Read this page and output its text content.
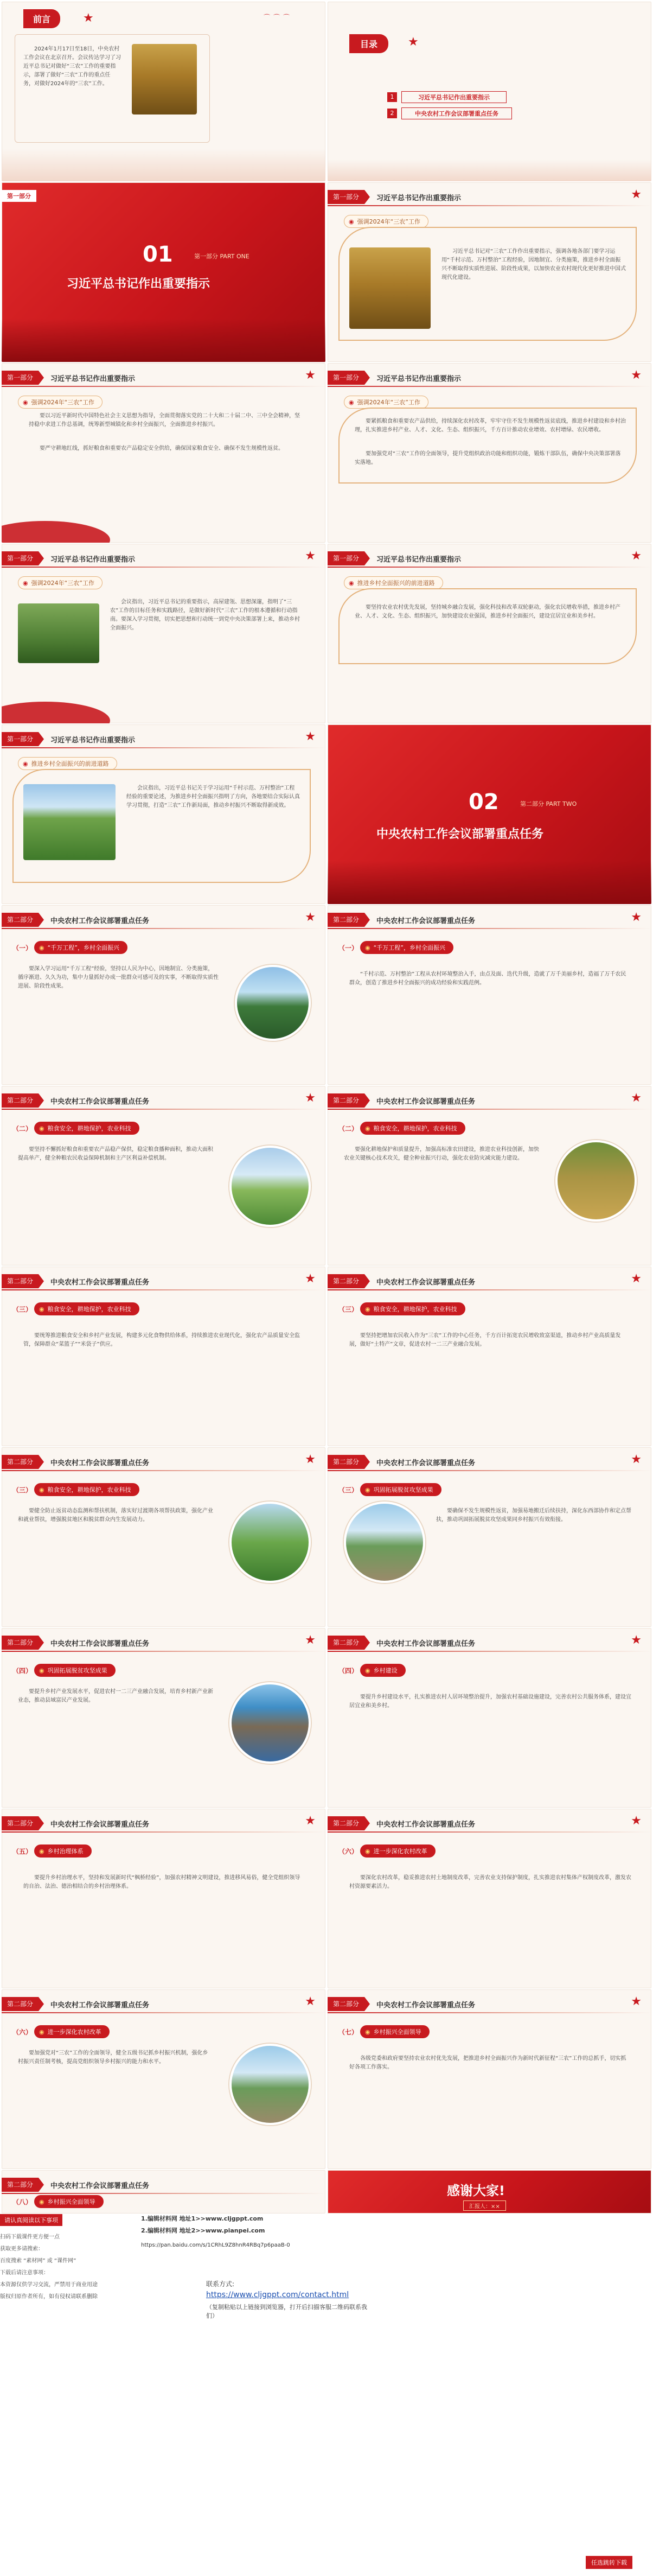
前言	★	⌒⌒⌒
2024年1月17日至18日，中央农村工作会议在北京召开。会议传达学习了习近平总书记对做好“三农”工作的重要指示，部署了做好“三农”工作的重点任务，对做好2024年的“三农”工作。
目录	★
1	习近平总书记作出重要指示
2	中央农村工作会议部署重点任务
第一部分
01	第一部分 PART ONE
习近平总书记作出重要指示
第一部分	习近平总书记作出重要指示	★
◉ 强调2024年“三农”工作
习近平总书记对“三农”工作作出重要指示，强调各地各部门要学习运用“千村示范、万村整治”工程经验，因地制宜、分类施策，推进乡村全面振兴不断取得实质性进展、阶段性成果，以加快农业农村现代化更好推进中国式现代化建设。
第一部分	习近平总书记作出重要指示	★
◉ 强调2024年“三农”工作
要以习近平新时代中国特色社会主义思想为指导，全面贯彻落实党的二十大和二十届二中、三中全会精神，坚持稳中求进工作总基调，统筹新型城镇化和乡村全面振兴，全面推进乡村振兴。
要严守耕地红线，抓好粮食和重要农产品稳定安全供给，确保国家粮食安全、确保不发生规模性返贫。
第一部分	习近平总书记作出重要指示	★
◉ 强调2024年“三农”工作
要紧抓粮食和重要农产品供给，持续深化农村改革，牢牢守住不发生规模性返贫底线，推进乡村建设和乡村治理，扎实推进乡村产业、人才、文化、生态、组织振兴，千方百计推动农业增效、农村增绿、农民增收。
要加强党对“三农”工作的全面领导，提升党组织政治功能和组织功能，锻炼干部队伍，确保中央决策部署落实落地。
第一部分	习近平总书记作出重要指示	★
◉ 强调2024年“三农”工作
会议指出，习近平总书记的重要指示，高屋建瓴、思想深邃，指明了“三农”工作的目标任务和实践路径，是做好新时代“三农”工作的根本遵循和行动指南。要深入学习贯彻，切实把思想和行动统一到党中央决策部署上来，推动乡村全面振兴。
第一部分	习近平总书记作出重要指示	★
◉ 推进乡村全面振兴的前进道路
要坚持农业农村优先发展，坚持城乡融合发展，强化科技和改革双轮驱动，强化农民增收举措，推进乡村产业、人才、文化、生态、组织振兴，加快建设农业强国，推进乡村全面振兴，建设宜居宜业和美乡村。
第一部分	习近平总书记作出重要指示	★
◉ 推进乡村全面振兴的前进道路
会议指出，习近平总书记关于学习运用“千村示范、万村整治”工程经验的重要论述，为推进乡村全面振兴指明了方向，各地要结合实际认真学习贯彻，打造“三农”工作新局面，推动乡村振兴不断取得新成效。	02	第二部分 PART TWO
中央农村工作会议部署重点任务
第二部分	中央农村工作会议部署重点任务	★
（一） ◉ “千万工程”，乡村全面振兴
要深入学习运用“千万工程”经验，坚持以人民为中心，因地制宜、分类施策，循序渐进、久久为功，集中力量抓好办成一批群众可感可及的实事，不断取得实质性进展、阶段性成果。
第二部分	中央农村工作会议部署重点任务	★
（一） ◉ “千万工程”，乡村全面振兴
“千村示范、万村整治”工程从农村环境整治入手，由点及面、迭代升级，造就了万千美丽乡村，造福了万千农民群众，创造了推进乡村全面振兴的成功经验和实践范例。
第二部分	中央农村工作会议部署重点任务	★
（二） ◉ 粮食安全，耕地保护，农业科技
要坚持不懈抓好粮食和重要农产品稳产保供，稳定粮食播种面积，推动大面积提高单产，健全种粮农民收益保障机制和主产区利益补偿机制。
第二部分	中央农村工作会议部署重点任务	★
（二） ◉ 粮食安全，耕地保护，农业科技
要强化耕地保护和质量提升，加强高标准农田建设，推进农业科技创新，加快农业关键核心技术攻关，健全种业振兴行动，强化农业防灾减灾能力建设。
第二部分	中央农村工作会议部署重点任务	★
（三） ◉ 粮食安全，耕地保护，农业科技
要统筹推进粮食安全和乡村产业发展，构建多元化食物供给体系，持续推进农业现代化，强化农产品质量安全监管，保障群众“菜篮子”“米袋子”供应。
第二部分	中央农村工作会议部署重点任务	★
（三） ◉ 粮食安全，耕地保护，农业科技
要坚持把增加农民收入作为“三农”工作的中心任务，千方百计拓宽农民增收致富渠道，推动乡村产业高质量发展，做好“土特产”文章，促进农村一二三产业融合发展。
第二部分	中央农村工作会议部署重点任务	★
（三） ◉ 粮食安全，耕地保护，农业科技
要健全防止返贫动态监测和帮扶机制，落实好过渡期各项帮扶政策，强化产业和就业帮扶，增强脱贫地区和脱贫群众内生发展动力。
第二部分	中央农村工作会议部署重点任务	★
（三） ◉ 巩固拓展脱贫攻坚成果
要确保不发生规模性返贫，加强易地搬迁后续扶持，深化东西部协作和定点帮扶，推动巩固拓展脱贫攻坚成果同乡村振兴有效衔接。
第二部分	中央农村工作会议部署重点任务	★
（四） ◉ 巩固拓展脱贫攻坚成果
要提升乡村产业发展水平，促进农村一二三产业融合发展，培育乡村新产业新业态，推动县域富民产业发展。
第二部分	中央农村工作会议部署重点任务	★
（四） ◉ 乡村建设
要提升乡村建设水平，扎实推进农村人居环境整治提升，加强农村基础设施建设，完善农村公共服务体系，建设宜居宜业和美乡村。
第二部分	中央农村工作会议部署重点任务	★
（五） ◉ 乡村治理体系
要提升乡村治理水平，坚持和发展新时代“枫桥经验”，加强农村精神文明建设，推进移风易俗，健全党组织领导的自治、法治、德治相结合的乡村治理体系。
第二部分	中央农村工作会议部署重点任务	★
（六） ◉ 进一步深化农村改革
要深化农村改革，稳妥推进农村土地制度改革，完善农业支持保护制度，扎实推进农村集体产权制度改革，激发农村资源要素活力。
第二部分	中央农村工作会议部署重点任务	★
（六） ◉ 进一步深化农村改革
要加强党对“三农”工作的全面领导，健全五级书记抓乡村振兴机制，强化乡村振兴责任制考核，提高党组织领导乡村振兴的能力和水平。
第二部分	中央农村工作会议部署重点任务	★
（七） ◉ 乡村振兴全面领导
各级党委和政府要坚持农业农村优先发展，把推进乡村全面振兴作为新时代新征程“三农”工作的总抓手，切实抓好各项工作落实。
第二部分	中央农村工作会议部署重点任务
（八） ◉ 乡村振兴全面领导
感谢大家!
汇报人：××
请认真阅读以下事项
扫码下载课件更方便一点
获取更多请搜索：
百度搜索 “素材网” 或 “课件网”
下载后请注意事项：
本资源仅供学习交流，严禁用于商业用途
版权归原作者所有，如有侵权请联系删除
1.编辑材料网 地址1>>www.cljgppt.com
2.编辑材料网 地址2>>www.pianpei.com
https://pan.baidu.com/s/1CRhL9Z8hnR4RBq7p6paaB-0
联系方式:
https://www.cljgppt.com/contact.html
（复制粘贴以上链接到浏览器，打开后扫描客服二维码联系我们）
任选跳转下载
